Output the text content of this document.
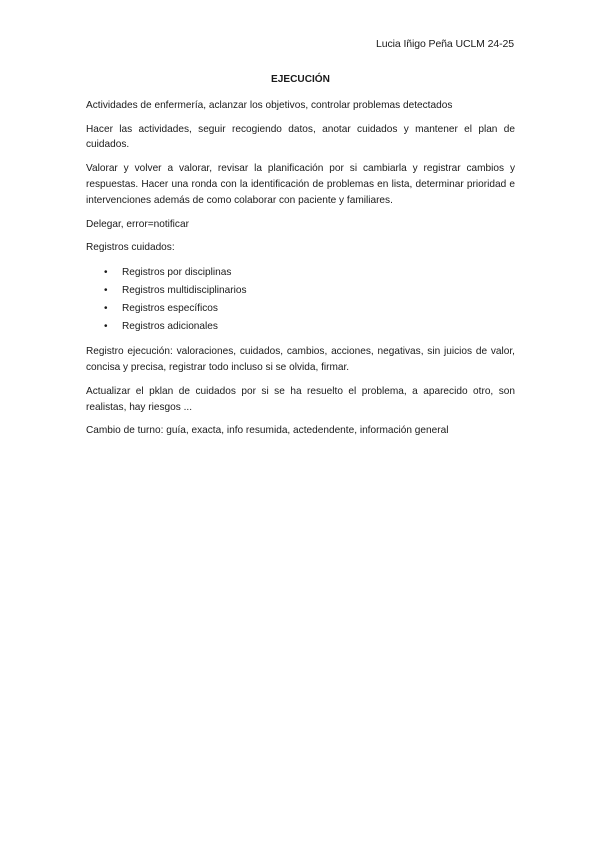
Lucia Iñigo Peña UCLM 24-25
EJECUCIÓN

Actividades de enfermería, aclanzar los objetivos, controlar problemas detectados

Hacer las actividades, seguir recogiendo datos, anotar cuidados y mantener el plan de cuidados.

Valorar y volver a valorar, revisar la planificación por si cambiarla y registrar cambios y respuestas. Hacer una ronda con la identificación de problemas en lista, determinar prioridad e intervenciones además de como colaborar con paciente y familiares.

Delegar, error=notificar

Registros cuidados:

• Registros por disciplinas
• Registros multidisciplinarios
• Registros específicos
• Registros adicionales

Registro ejecución: valoraciones, cuidados, cambios, acciones, negativas, sin juicios de valor, concisa y precisa, registrar todo incluso si se olvida, firmar.

Actualizar el pklan de cuidados por si se ha resuelto el problema, a aparecido otro, son realistas, hay riesgos ...

Cambio de turno: guía, exacta, info resumida, actedendente, información general
